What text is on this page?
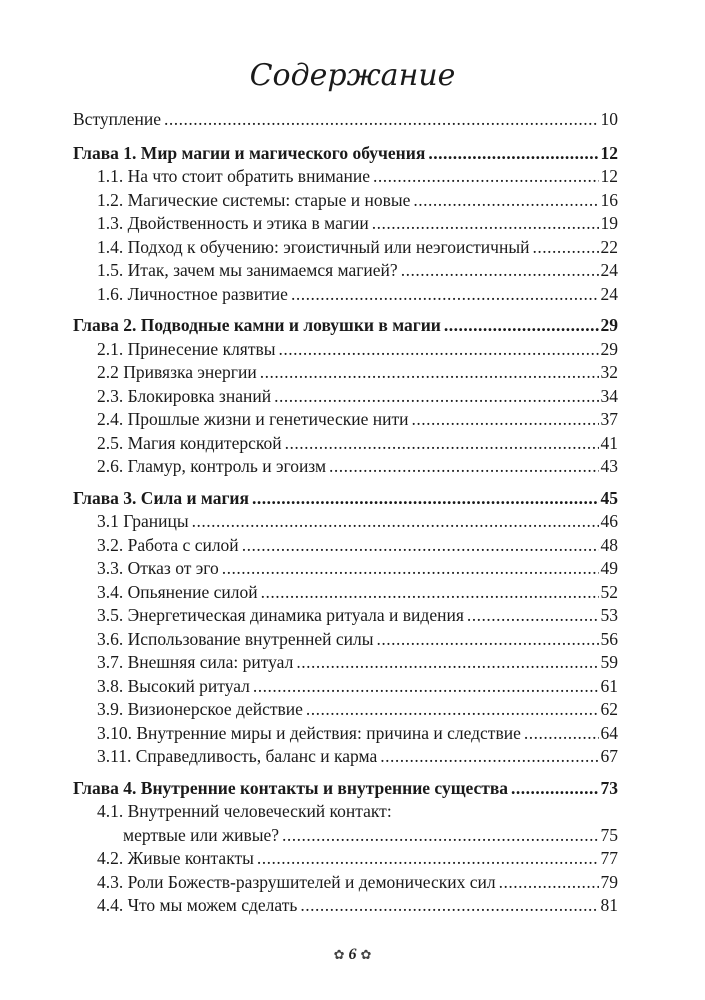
Содержание
Вступление .....	10
Глава 1. Мир магии и магического обучения .....	12
1.1. На что стоит обратить внимание .....	12
1.2. Магические системы: старые и новые .....	16
1.3. Двойственность и этика в магии .....	19
1.4. Подход к обучению: эгоистичный или неэгоистичный .....	22
1.5. Итак, зачем мы занимаемся магией? .....	24
1.6. Личностное развитие .....	24
Глава 2. Подводные камни и ловушки в магии .....	29
2.1. Принесение клятвы .....	29
2.2 Привязка энергии .....	32
2.3. Блокировка знаний .....	34
2.4. Прошлые жизни и генетические нити .....	37
2.5. Магия кондитерской .....	41
2.6. Гламур, контроль и эгоизм .....	43
Глава 3. Сила и магия .....	45
3.1 Границы .....	46
3.2. Работа с силой .....	48
3.3. Отказ от эго .....	49
3.4. Опьянение силой .....	52
3.5. Энергетическая динамика ритуала и видения .....	53
3.6. Использование внутренней силы .....	56
3.7. Внешняя сила: ритуал .....	59
3.8. Высокий ритуал .....	61
3.9. Визионерское действие .....	62
3.10. Внутренние миры и действия: причина и следствие .....	64
3.11. Справедливость, баланс и карма .....	67
Глава 4. Внутренние контакты и внутренние существа .....	73
4.1. Внутренний человеческий контакт:
мертвые или живые? .....	75
4.2. Живые контакты .....	77
4.3. Роли Божеств-разрушителей и демонических сил .....	79
4.4. Что мы можем сделать .....	81
✿ 6 ✿
